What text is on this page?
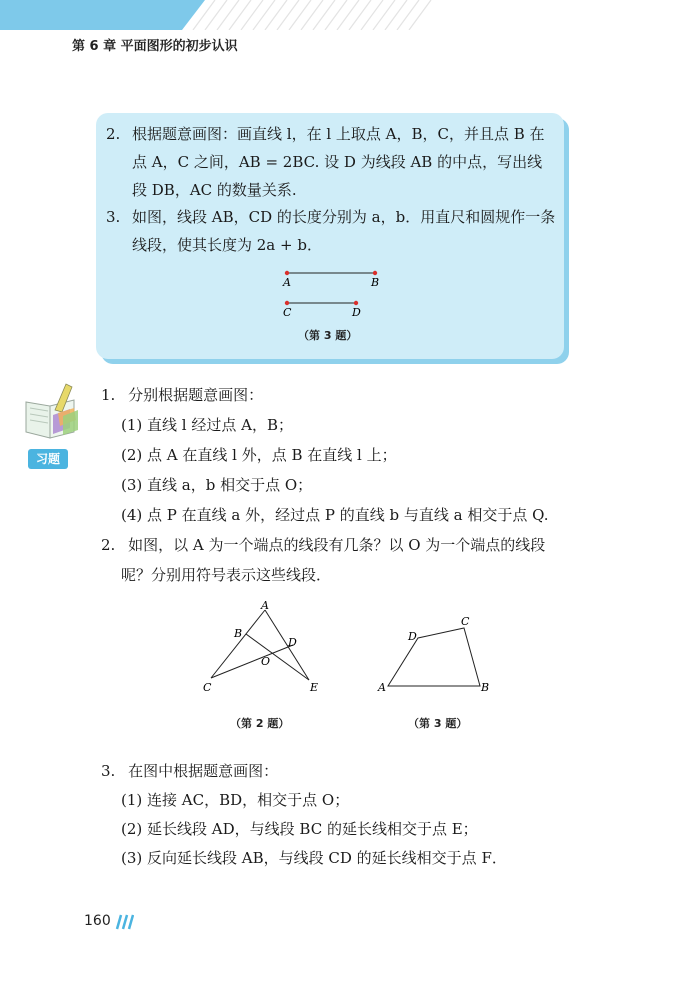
第 6 章 平面图形的初步认识
2. 根据题意画图：画直线 l，在 l 上取点 A，B，C，并且点 B 在点 A，C 之间，AB = 2BC. 设 D 为线段 AB 的中点，写出线段 DB，AC 的数量关系.
3. 如图，线段 AB，CD 的长度分别为 a，b．用直尺和圆规作一条线段，使其长度为 2a + b．
A	B
C	D
（第 3 题）
习题
1. 分别根据题意画图：
(1) 直线 l 经过点 A，B；
(2) 点 A 在直线 l 外，点 B 在直线 l 上；
(3) 直线 a，b 相交于点 O；
(4) 点 P 在直线 a 外，经过点 P 的直线 b 与直线 a 相交于点 Q.
2. 如图，以 A 为一个端点的线段有几条？以 O 为一个端点的线段
呢？分别用符号表示这些线段．
A
B
C
D
O
E
（第 2 题）
A	B
C
D
（第 3 题）
3. 在图中根据题意画图：
(1) 连接 AC，BD，相交于点 O；
(2) 延长线段 AD，与线段 BC 的延长线相交于点 E；
(3) 反向延长线段 AB，与线段 CD 的延长线相交于点 F．
160
